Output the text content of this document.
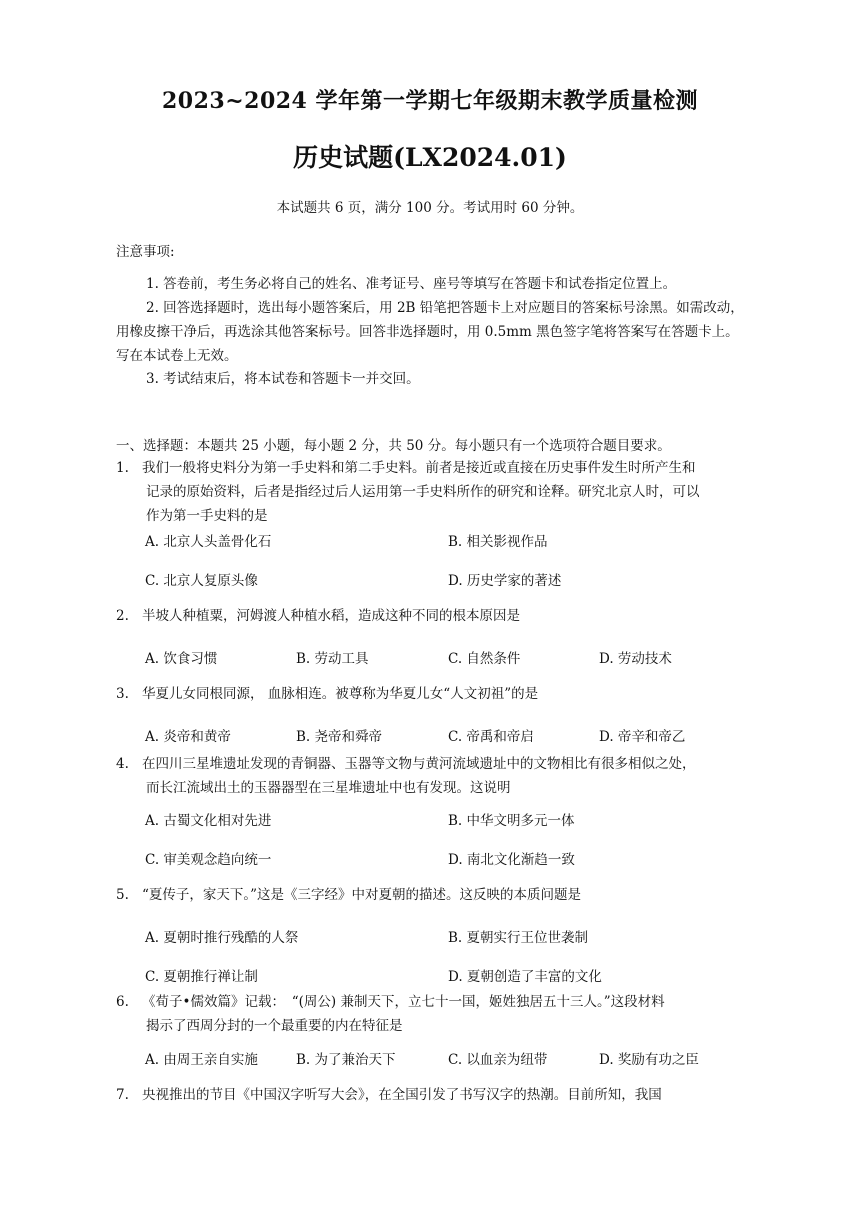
2023~2024 学年第一学期七年级期末教学质量检测
历史试题(LX2024.01)
本试题共 6 页，满分 100 分。考试用时 60 分钟。
注意事项:
1. 答卷前，考生务必将自己的姓名、准考证号、座号等填写在答题卡和试卷指定位置上。
2. 回答选择题时，选出每小题答案后，用 2B 铅笔把答题卡上对应题目的答案标号涂黑。如需改动，用橡皮擦干净后，再选涂其他答案标号。回答非选择题时，用 0.5mm 黑色签字笔将答案写在答题卡上。写在本试卷上无效。
3. 考试结束后，将本试卷和答题卡一并交回。
一、选择题：本题共 25 小题，每小题 2 分，共 50 分。每小题只有一个选项符合题目要求。
1. 我们一般将史料分为第一手史料和第二手史料。前者是接近或直接在历史事件发生时所产生和
记录的原始资料，后者是指经过后人运用第一手史料所作的研究和诠释。研究北京人时，可以
作为第一手史料的是
A. 北京人头盖骨化石	B. 相关影视作品
C. 北京人复原头像	D. 历史学家的著述
2. 半坡人种植粟，河姆渡人种植水稻，造成这种不同的根本原因是
A. 饮食习惯	B. 劳动工具	C. 自然条件	D. 劳动技术
3. 华夏儿女同根同源， 血脉相连。被尊称为华夏儿女“人文初祖”的是
A. 炎帝和黄帝	B. 尧帝和舜帝	C. 帝禹和帝启	D. 帝辛和帝乙
4. 在四川三星堆遗址发现的青铜器、玉器等文物与黄河流域遗址中的文物相比有很多相似之处，
而长江流域出土的玉器器型在三星堆遗址中也有发现。这说明
A. 古蜀文化相对先进	B. 中华文明多元一体
C. 审美观念趋向统一	D. 南北文化渐趋一致
5. “夏传子，家天下。”这是《三字经》中对夏朝的描述。这反映的本质问题是
A. 夏朝时推行残酷的人祭	B. 夏朝实行王位世袭制
C. 夏朝推行禅让制	D. 夏朝创造了丰富的文化
6. 《荀子•儒效篇》记载：　“(周公) 兼制天下，立七十一国，姬姓独居五十三人。”这段材料
揭示了西周分封的一个最重要的内在特征是
A. 由周王亲自实施	B. 为了兼治天下	C. 以血亲为纽带	D. 奖励有功之臣
7. 央视推出的节目《中国汉字听写大会》，在全国引发了书写汉字的热潮。目前所知，我国
